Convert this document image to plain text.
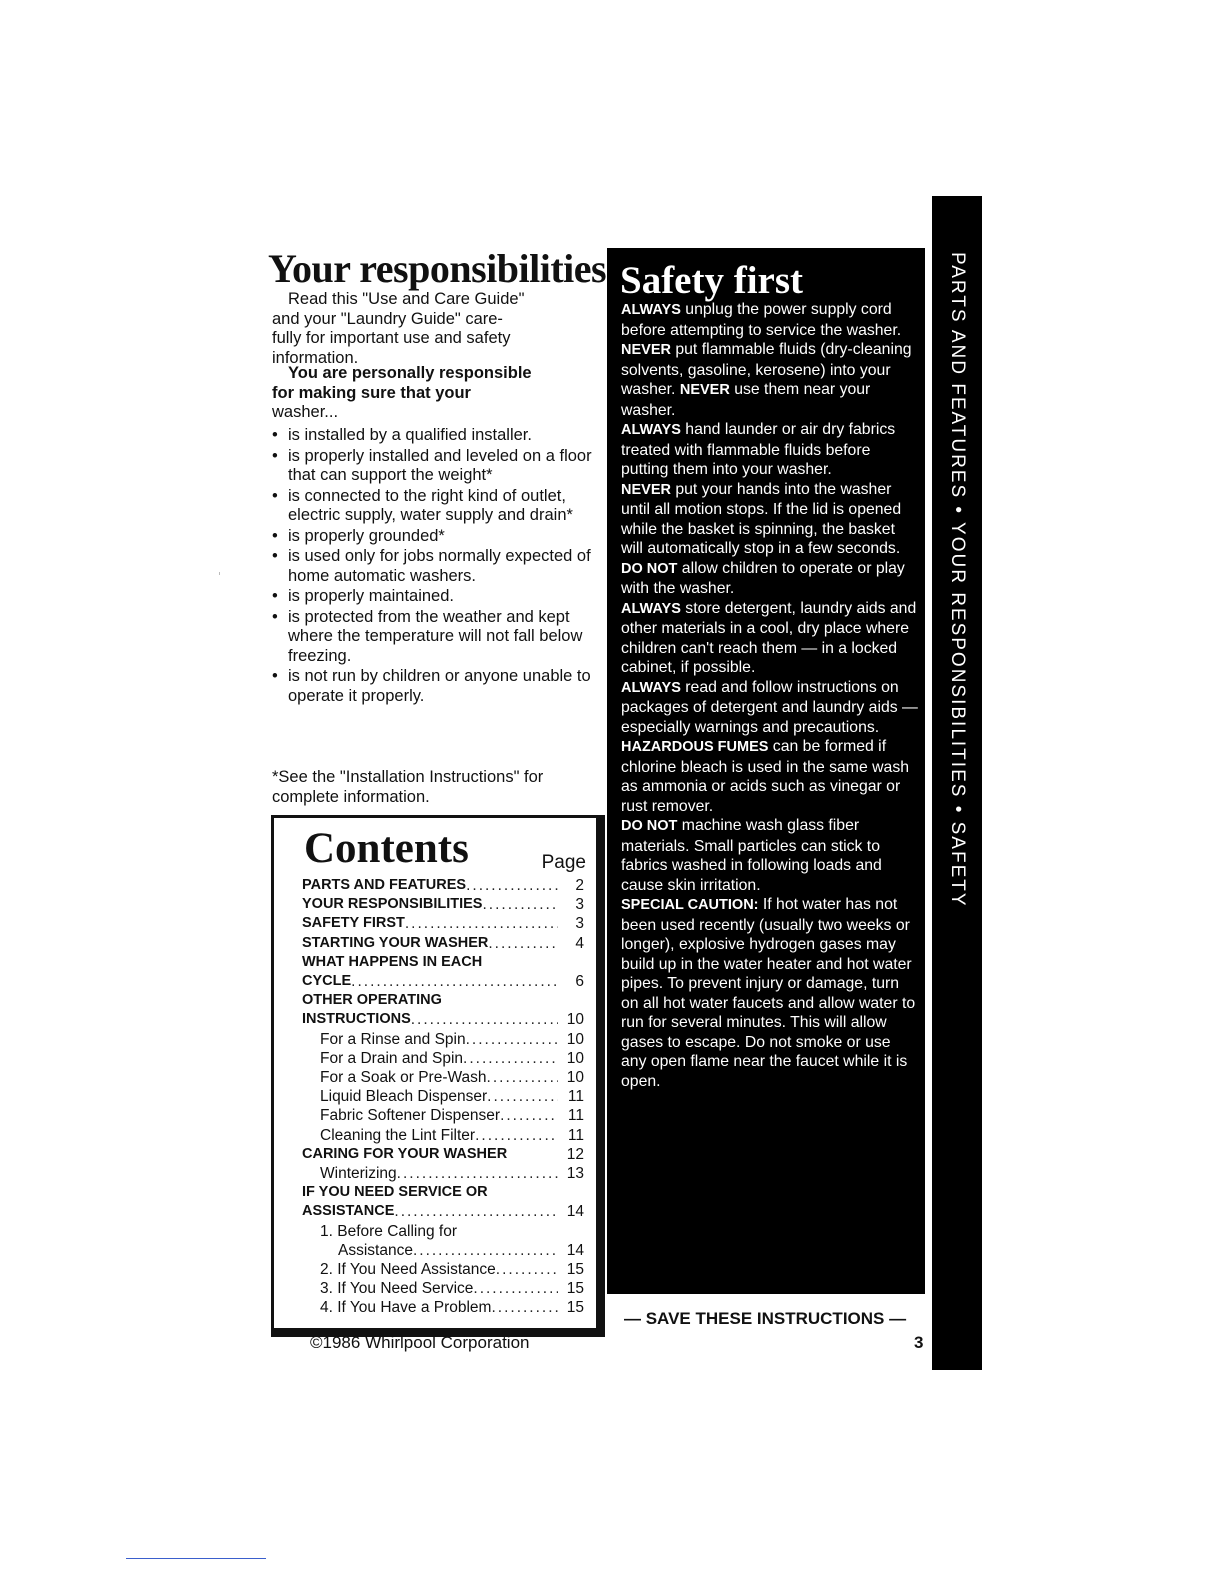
Your responsibilities
Read this "Use and Care Guide"
and your "Laundry Guide" care-
fully for important use and safety
information.
You are personally responsible
for making sure that your
washer...
• is installed by a qualified installer.
• is properly installed and leveled on a floor that can support the weight*
• is connected to the right kind of outlet, electric supply, water supply and drain*
• is properly grounded*
• is used only for jobs normally expected of home automatic washers.
• is properly maintained.
• is protected from the weather and kept where the temperature will not fall below freezing.
• is not run by children or anyone unable to operate it properly.
*See the "Installation Instructions" for complete information.
Contents	Page
PARTS AND FEATURES .....	2
YOUR RESPONSIBILITIES .....	3
SAFETY FIRST .....	3
STARTING YOUR WASHER .....	4
WHAT HAPPENS IN EACH
CYCLE .....	6
OTHER OPERATING
INSTRUCTIONS .....	10
For a Rinse and Spin .....	10
For a Drain and Spin .....	10
For a Soak or Pre-Wash .....	10
Liquid Bleach Dispenser .....	11
Fabric Softener Dispenser .....	11
Cleaning the Lint Filter .....	11
CARING FOR YOUR WASHER	12
Winterizing .....	13
IF YOU NEED SERVICE OR
ASSISTANCE .....	14
1. Before Calling for
Assistance .....	14
2. If You Need Assistance .....	15
3. If You Need Service .....	15
4. If You Have a Problem .....	15
©1986 Whirlpool Corporation
Safety first

ALWAYS unplug the power supply cord before attempting to service the washer.

NEVER put flammable fluids (dry-cleaning solvents, gasoline, kerosene) into your washer. NEVER use them near your washer.

ALWAYS hand launder or air dry fabrics treated with flammable fluids before putting them into your washer.

NEVER put your hands into the washer until all motion stops. If the lid is opened while the basket is spinning, the basket will automatically stop in a few seconds.

DO NOT allow children to operate or play with the washer.

ALWAYS store detergent, laundry aids and other materials in a cool, dry place where children can't reach them — in a locked cabinet, if possible.

ALWAYS read and follow instructions on packages of detergent and laundry aids — especially warnings and precautions.

HAZARDOUS FUMES can be formed if chlorine bleach is used in the same wash as ammonia or acids such as vinegar or rust remover.

DO NOT machine wash glass fiber materials. Small particles can stick to fabrics washed in following loads and cause skin irritation.

SPECIAL CAUTION: If hot water has not been used recently (usually two weeks or longer), explosive hydrogen gases may build up in the water heater and hot water pipes. To prevent injury or damage, turn on all hot water faucets and allow water to run for several minutes. This will allow gases to escape. Do not smoke or use any open flame near the faucet while it is open.

— SAVE THESE INSTRUCTIONS —
3
PARTS AND FEATURES • YOUR RESPONSIBILITIES • SAFETY
